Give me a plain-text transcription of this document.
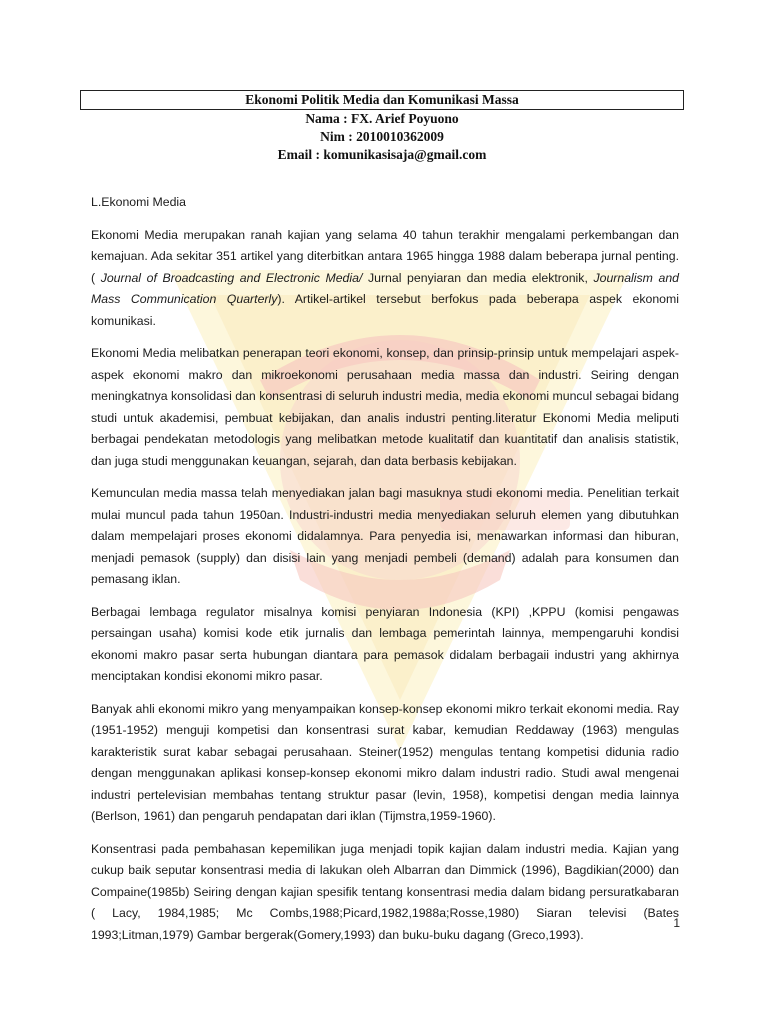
Ekonomi Politik Media dan Komunikasi Massa
Nama : FX. Arief Poyuono
Nim : 2010010362009
Email : komunikasisaja@gmail.com
L.Ekonomi Media

Ekonomi Media merupakan ranah kajian yang selama 40 tahun terakhir mengalami perkembangan dan kemajuan. Ada sekitar 351 artikel yang diterbitkan antara 1965 hingga 1988 dalam beberapa jurnal penting. ( Journal of Broadcasting and Electronic Media/ Jurnal penyiaran dan media elektronik, Journalism and Mass Communication Quarterly). Artikel-artikel tersebut berfokus pada beberapa aspek ekonomi komunikasi.

Ekonomi Media melibatkan penerapan teori ekonomi, konsep, dan prinsip-prinsip untuk mempelajari aspek-aspek ekonomi makro dan mikroekonomi perusahaan media massa dan industri. Seiring dengan meningkatnya konsolidasi dan konsentrasi di seluruh industri media, media ekonomi muncul sebagai bidang studi untuk akademisi, pembuat kebijakan, dan analis industri penting.literatur Ekonomi Media meliputi berbagai pendekatan metodologis yang melibatkan metode kualitatif dan kuantitatif dan analisis statistik, dan juga studi menggunakan keuangan, sejarah, dan data berbasis kebijakan.

Kemunculan media massa telah menyediakan jalan bagi masuknya studi ekonomi media. Penelitian terkait mulai muncul pada tahun 1950an. Industri-industri media menyediakan seluruh elemen yang dibutuhkan dalam mempelajari proses ekonomi didalamnya. Para penyedia isi, menawarkan informasi dan hiburan, menjadi pemasok (supply) dan disisi lain yang menjadi pembeli (demand) adalah para konsumen dan pemasang iklan.

Berbagai lembaga regulator misalnya komisi penyiaran Indonesia (KPI) ,KPPU (komisi pengawas persaingan usaha) komisi kode etik jurnalis dan lembaga pemerintah lainnya, mempengaruhi kondisi ekonomi makro pasar serta hubungan diantara para pemasok didalam berbagaii industri yang akhirnya menciptakan kondisi ekonomi mikro pasar.

Banyak ahli ekonomi mikro yang menyampaikan konsep-konsep ekonomi mikro terkait ekonomi media. Ray (1951-1952) menguji kompetisi dan konsentrasi surat kabar, kemudian Reddaway (1963) mengulas karakteristik surat kabar sebagai perusahaan. Steiner(1952) mengulas tentang kompetisi didunia radio dengan menggunakan aplikasi konsep-konsep ekonomi mikro dalam industri radio. Studi awal mengenai industri pertelevisian membahas tentang struktur pasar (levin, 1958), kompetisi dengan media lainnya (Berlson, 1961) dan pengaruh pendapatan dari iklan (Tijmstra,1959-1960).

Konsentrasi pada pembahasan kepemilikan juga menjadi topik kajian dalam industri media. Kajian yang cukup baik seputar konsentrasi media di lakukan oleh Albarran dan Dimmick (1996), Bagdikian(2000) dan Compaine(1985b) Seiring dengan kajian spesifik tentang konsentrasi media dalam bidang persuratkabaran ( Lacy, 1984,1985; Mc Combs,1988;Picard,1982,1988a;Rosse,1980) Siaran televisi (Bates 1993;Litman,1979) Gambar bergerak(Gomery,1993) dan buku-buku dagang (Greco,1993).

1
